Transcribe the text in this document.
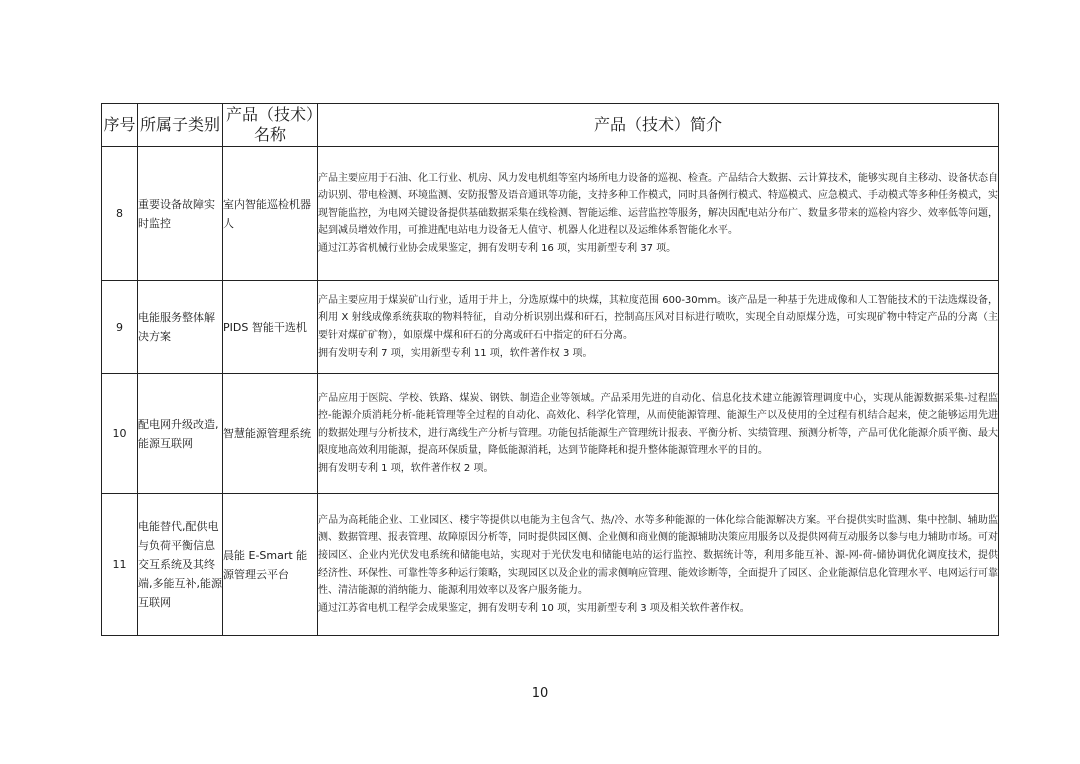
序号	所属子类别	产品（技术）名称	产品（技术）简介
8	重要设备故障实时监控	室内智能巡检机器人	产品主要应用于石油、化工行业、机房、风力发电机组等室内场所电力设备的巡视、检查。产品结合大数据、云计算技术，能够实现自主移动、设备状态自动识别、带电检测、环境监测、安防报警及语音通讯等功能，支持多种工作模式，同时具备例行模式、特巡模式、应急模式、手动模式等多种任务模式，实现智能监控，为电网关键设备提供基础数据采集在线检测、智能运维、运营监控等服务，解决因配电站分布广、数量多带来的巡检内容少、效率低等问题，起到减员增效作用，可推进配电站电力设备无人值守、机器人化进程以及运维体系智能化水平。

通过江苏省机械行业协会成果鉴定，拥有发明专利 16 项，实用新型专利 37 项。

9	电能服务整体解决方案	PIDS 智能干选机	产品主要应用于煤炭矿山行业，适用于井上，分选原煤中的块煤，其粒度范围 600-30mm。该产品是一种基于先进成像和人工智能技术的干法选煤设备，利用 X 射线成像系统获取的物料特征，自动分析识别出煤和矸石，控制高压风对目标进行喷吹，实现全自动原煤分选，可实现矿物中特定产品的分离（主要针对煤矿矿物），如原煤中煤和矸石的分离或矸石中指定的矸石分离。

拥有发明专利 7 项，实用新型专利 11 项，软件著作权 3 项。

10	配电网升级改造,能源互联网	智慧能源管理系统	产品应用于医院、学校、铁路、煤炭、钢铁、制造企业等领域。产品采用先进的自动化、信息化技术建立能源管理调度中心，实现从能源数据采集-过程监控-能源介质消耗分析-能耗管理等全过程的自动化、高效化、科学化管理，从而使能源管理、能源生产以及使用的全过程有机结合起来，使之能够运用先进的数据处理与分析技术，进行离线生产分析与管理。功能包括能源生产管理统计报表、平衡分析、实绩管理、预测分析等，产品可优化能源介质平衡、最大限度地高效利用能源，提高环保质量，降低能源消耗，达到节能降耗和提升整体能源管理水平的目的。

拥有发明专利 1 项，软件著作权 2 项。

11	电能替代,配供电与负荷平衡信息交互系统及其终端,多能互补,能源互联网	晨能 E-Smart 能源管理云平台	产品为高耗能企业、工业园区、楼宇等提供以电能为主包含气、热/冷、水等多种能源的一体化综合能源解决方案。平台提供实时监测、集中控制、辅助监测、数据管理、报表管理、故障原因分析等，同时提供园区侧、企业侧和商业侧的能源辅助决策应用服务以及提供网荷互动服务以参与电力辅助市场。可对接园区、企业内光伏发电系统和储能电站，实现对于光伏发电和储能电站的运行监控、数据统计等，利用多能互补、源-网-荷-储协调优化调度技术，提供经济性、环保性、可靠性等多种运行策略，实现园区以及企业的需求侧响应管理、能效诊断等，全面提升了园区、企业能源信息化管理水平、电网运行可靠性、清洁能源的消纳能力、能源利用效率以及客户服务能力。

通过江苏省电机工程学会成果鉴定，拥有发明专利 10 项，实用新型专利 3 项及相关软件著作权。

10
